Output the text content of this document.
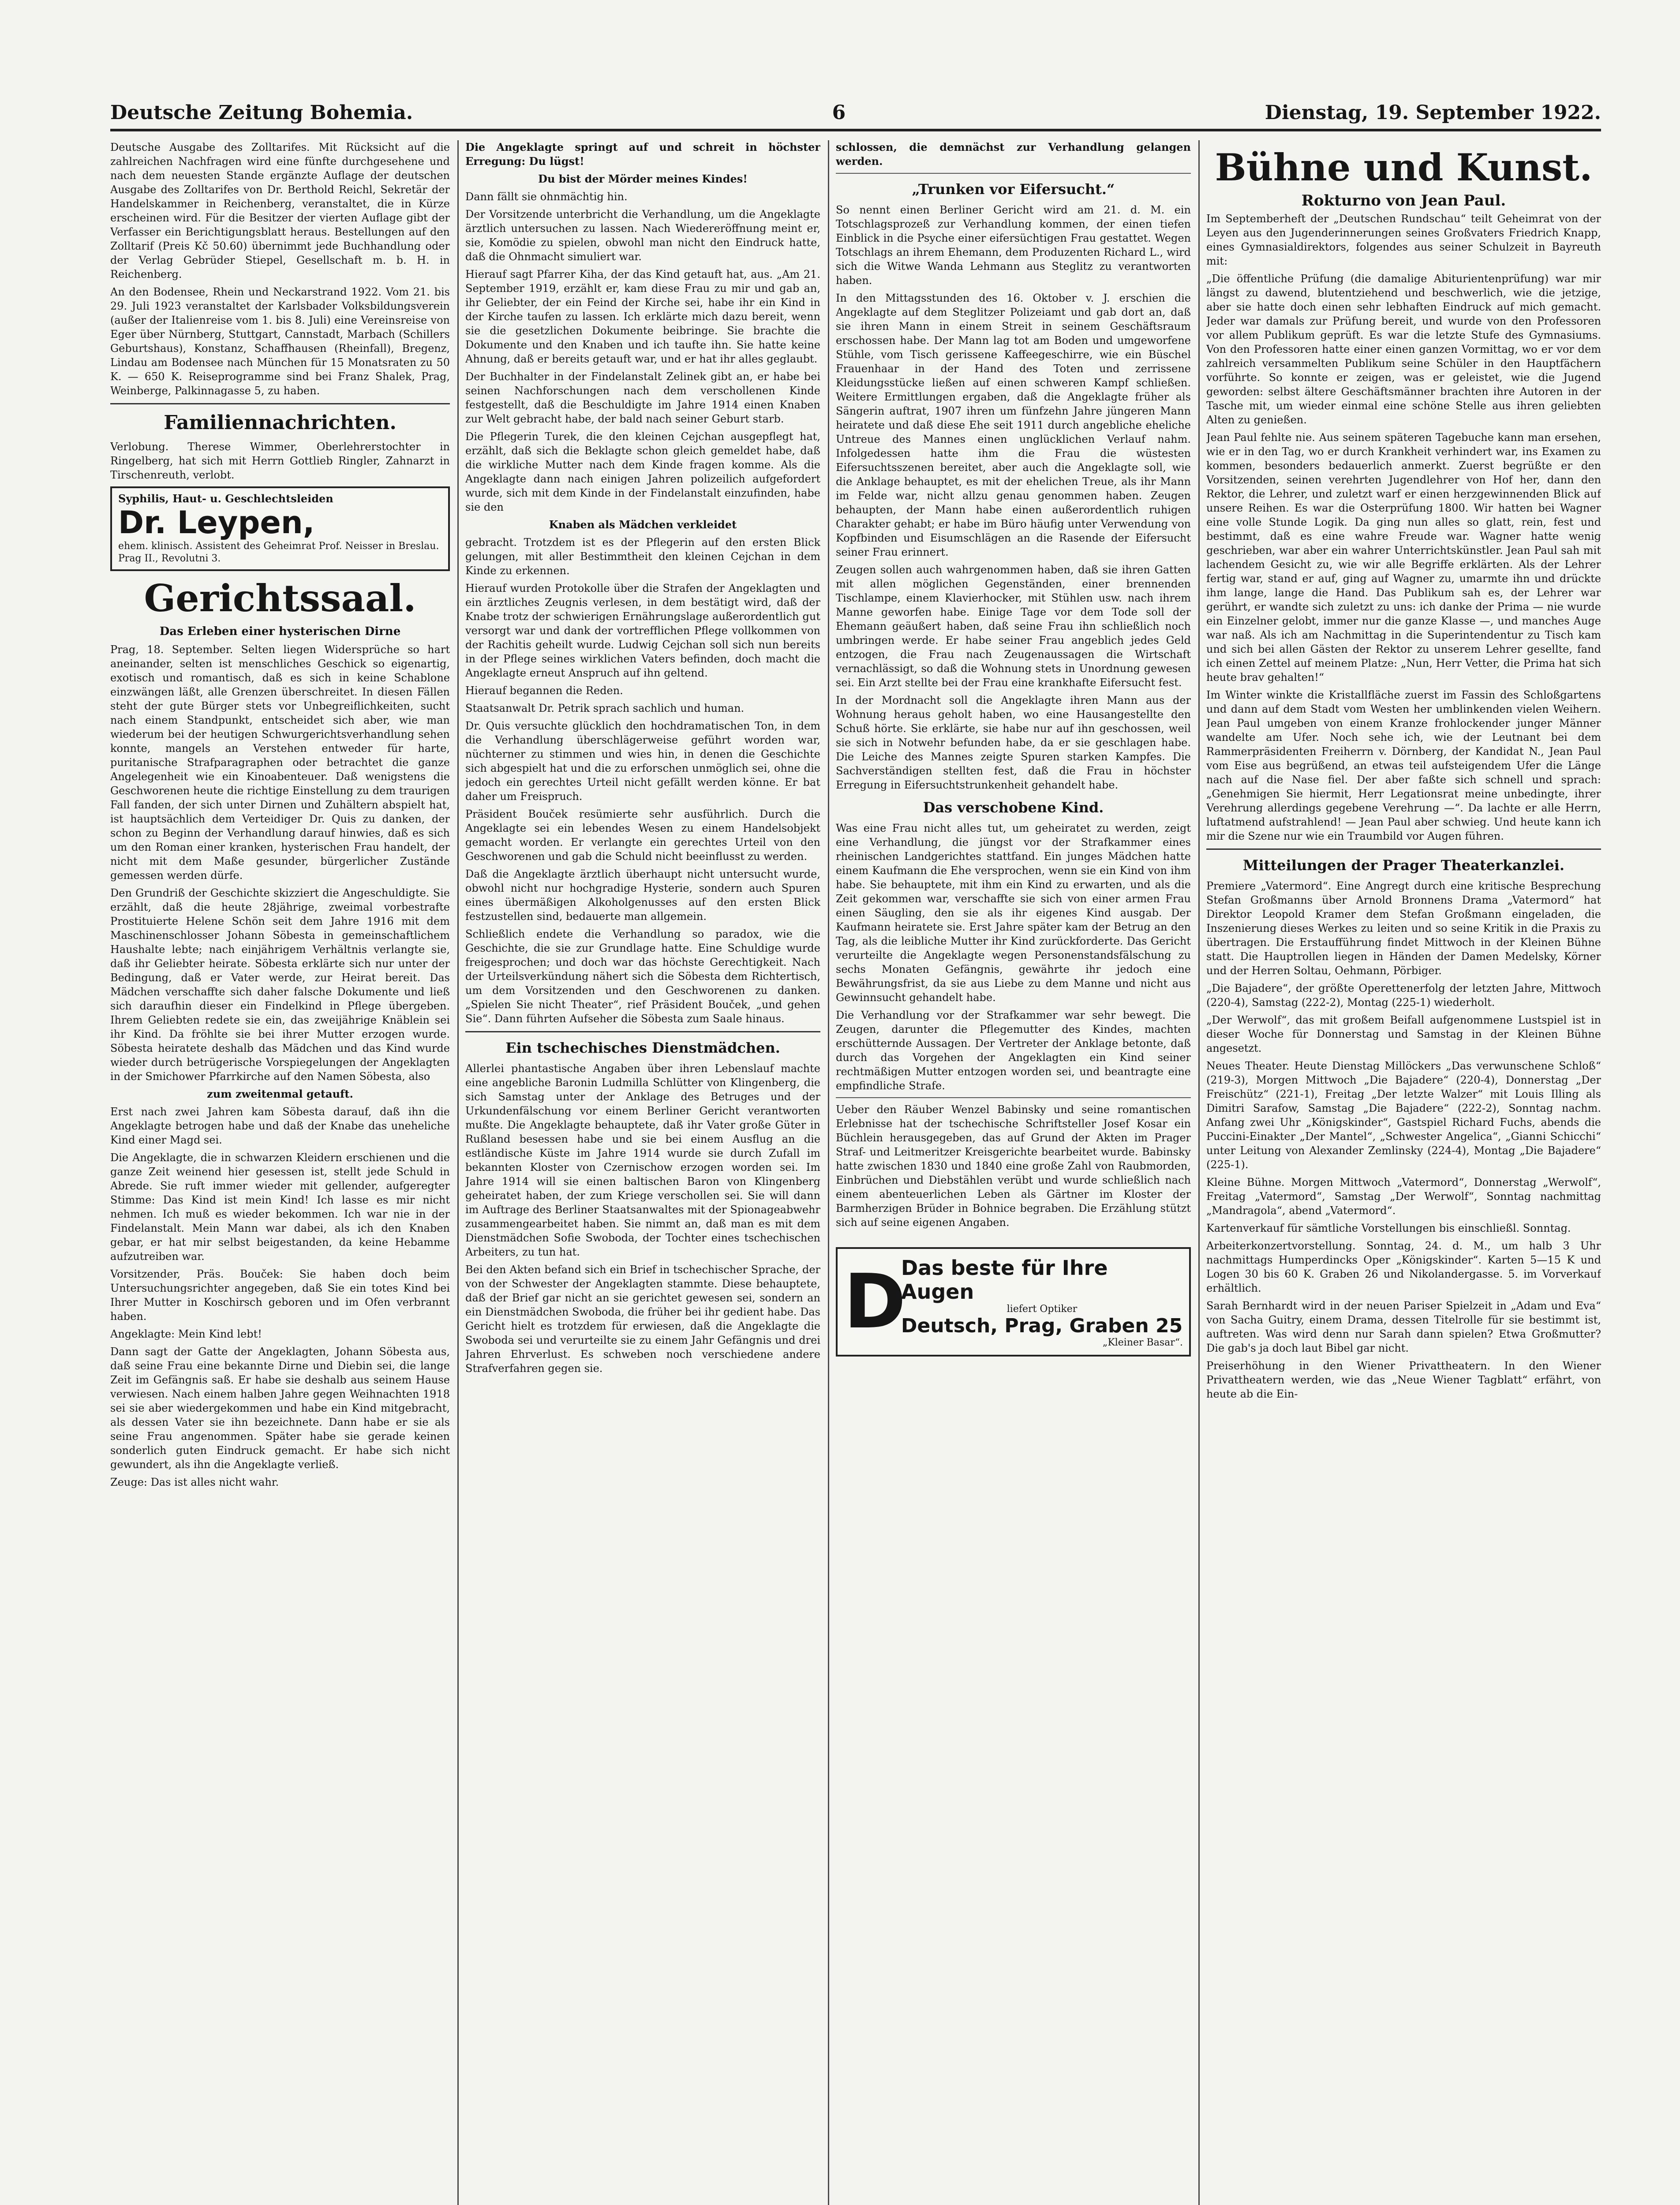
Deutsche Zeitung Bohemia.	6	Dienstag, 19. September 1922.

Deutsche Ausgabe des Zolltarifes. Mit Rücksicht auf die zahlreichen Nachfragen wird eine fünfte durchgesehene und nach dem neuesten Stande ergänzte Auflage der deutschen Ausgabe des Zolltarifes von Dr. Berthold Reichl, Sekretär der Handelskammer in Reichenberg, veranstaltet, die in Kürze erscheinen wird. Für die Besitzer der vierten Auflage gibt der Verfasser ein Berichtigungsblatt heraus. Bestellungen auf den Zolltarif (Preis Kč 50.60) übernimmt jede Buchhandlung oder der Verlag Gebrüder Stiepel, Gesellschaft m. b. H. in Reichenberg.

An den Bodensee, Rhein und Neckarstrand 1922. Vom 21. bis 29. Juli 1923 veranstaltet der Karlsbader Volksbildungsverein (außer der Italienreise vom 1. bis 8. Juli) eine Vereinsreise von Eger über Nürnberg, Stuttgart, Cannstadt, Marbach (Schillers Geburtshaus), Konstanz, Schaffhausen (Rheinfall), Bregenz, Lindau am Bodensee nach München für 15 Monatsraten zu 50 K. — 650 K. Reiseprogramme sind bei Franz Shalek, Prag, Weinberge, Palkinnagasse 5, zu haben.

Familiennachrichten.

Verlobung. Therese Wimmer, Oberlehrerstochter in Ringelberg, hat sich mit Herrn Gottlieb Ringler, Zahnarzt in Tirschenreuth, verlobt.

Syphilis, Haut- u. Geschlechtsleiden
Dr. Leypen,
ehem. klinisch. Assistent des Geheimrat Prof. Neisser in Breslau. Prag II., Revolutni 3.
Gerichtssaal.
Das Erleben einer hysterischen Dirne

Prag, 18. September. Selten liegen Widersprüche so hart aneinander, selten ist menschliches Geschick so eigenartig, exotisch und romantisch, daß es sich in keine Schablone einzwängen läßt, alle Grenzen überschreitet. In diesen Fällen steht der gute Bürger stets vor Unbegreiflichkeiten, sucht nach einem Standpunkt, entscheidet sich aber, wie man wiederum bei der heutigen Schwurgerichtsverhandlung sehen konnte, mangels an Verstehen entweder für harte, puritanische Strafparagraphen oder betrachtet die ganze Angelegenheit wie ein Kinoabenteuer. Daß wenigstens die Geschworenen heute die richtige Einstellung zu dem traurigen Fall fanden, der sich unter Dirnen und Zuhältern abspielt hat, ist hauptsächlich dem Verteidiger Dr. Quis zu danken, der schon zu Beginn der Verhandlung darauf hinwies, daß es sich um den Roman einer kranken, hysterischen Frau handelt, der nicht mit dem Maße gesunder, bürgerlicher Zustände gemessen werden dürfe.

Den Grundriß der Geschichte skizziert die Angeschuldigte. Sie erzählt, daß die heute 28jährige, zweimal vorbestrafte Prostituierte Helene Schön seit dem Jahre 1916 mit dem Maschinenschlosser Johann Söbesta in gemeinschaftlichem Haushalte lebte; nach einjährigem Verhältnis verlangte sie, daß ihr Geliebter heirate. Söbesta erklärte sich nur unter der Bedingung, daß er Vater werde, zur Heirat bereit. Das Mädchen verschaffte sich daher falsche Dokumente und ließ sich daraufhin dieser ein Findelkind in Pflege übergeben. Ihrem Geliebten redete sie ein, das zweijährige Knäblein sei ihr Kind. Da fröhlte sie bei ihrer Mutter erzogen wurde. Söbesta heiratete deshalb das Mädchen und das Kind wurde wieder durch betrügerische Vorspiegelungen der Angeklagten in der Smichower Pfarrkirche auf den Namen Söbesta, also

zum zweitenmal getauft.

Erst nach zwei Jahren kam Söbesta darauf, daß ihn die Angeklagte betrogen habe und daß der Knabe das uneheliche Kind einer Magd sei.

Die Angeklagte, die in schwarzen Kleidern erschienen und die ganze Zeit weinend hier gesessen ist, stellt jede Schuld in Abrede. Sie ruft immer wieder mit gellender, aufgeregter Stimme: Das Kind ist mein Kind! Ich lasse es mir nicht nehmen. Ich muß es wieder bekommen. Ich war nie in der Findelanstalt. Mein Mann war dabei, als ich den Knaben gebar, er hat mir selbst beigestanden, da keine Hebamme aufzutreiben war.

Vorsitzender, Präs. Bouček: Sie haben doch beim Untersuchungsrichter angegeben, daß Sie ein totes Kind bei Ihrer Mutter in Koschirsch geboren und im Ofen verbrannt haben.

Angeklagte: Mein Kind lebt!

Dann sagt der Gatte der Angeklagten, Johann Söbesta aus, daß seine Frau eine bekannte Dirne und Diebin sei, die lange Zeit im Gefängnis saß. Er habe sie deshalb aus seinem Hause verwiesen. Nach einem halben Jahre gegen Weihnachten 1918 sei sie aber wiedergekommen und habe ein Kind mitgebracht, als dessen Vater sie ihn bezeichnete. Dann habe er sie als seine Frau angenommen. Später habe sie gerade keinen sonderlich guten Eindruck gemacht. Er habe sich nicht gewundert, als ihn die Angeklagte verließ.

Zeuge: Das ist alles nicht wahr.

Die Angeklagte springt auf und schreit in höchster Erregung: Du lügst!

Du bist der Mörder meines Kindes!

Dann fällt sie ohnmächtig hin.

Der Vorsitzende unterbricht die Verhandlung, um die Angeklagte ärztlich untersuchen zu lassen. Nach Wiedereröffnung meint er, sie, Komödie zu spielen, obwohl man nicht den Eindruck hatte, daß die Ohnmacht simuliert war.

Hierauf sagt Pfarrer Kiha, der das Kind getauft hat, aus. „Am 21. September 1919, erzählt er, kam diese Frau zu mir und gab an, ihr Geliebter, der ein Feind der Kirche sei, habe ihr ein Kind in der Kirche taufen zu lassen. Ich erklärte mich dazu bereit, wenn sie die gesetzlichen Dokumente beibringe. Sie brachte die Dokumente und den Knaben und ich taufte ihn. Sie hatte keine Ahnung, daß er bereits getauft war, und er hat ihr alles geglaubt.

Der Buchhalter in der Findelanstalt Zelinek gibt an, er habe bei seinen Nachforschungen nach dem verschollenen Kinde festgestellt, daß die Beschuldigte im Jahre 1914 einen Knaben zur Welt gebracht habe, der bald nach seiner Geburt starb.

Die Pflegerin Turek, die den kleinen Cejchan ausgepflegt hat, erzählt, daß sich die Beklagte schon gleich gemeldet habe, daß die wirkliche Mutter nach dem Kinde fragen komme. Als die Angeklagte dann nach einigen Jahren polizeilich aufgefordert wurde, sich mit dem Kinde in der Findelanstalt einzufinden, habe sie den

Knaben als Mädchen verkleidet

gebracht. Trotzdem ist es der Pflegerin auf den ersten Blick gelungen, mit aller Bestimmtheit den kleinen Cejchan in dem Kinde zu erkennen.

Hierauf wurden Protokolle über die Strafen der Angeklagten und ein ärztliches Zeugnis verlesen, in dem bestätigt wird, daß der Knabe trotz der schwierigen Ernährungslage außerordentlich gut versorgt war und dank der vortrefflichen Pflege vollkommen von der Rachitis geheilt wurde. Ludwig Cejchan soll sich nun bereits in der Pflege seines wirklichen Vaters befinden, doch macht die Angeklagte erneut Anspruch auf ihn geltend.

Hierauf begannen die Reden.

Staatsanwalt Dr. Petrik sprach sachlich und human.

Dr. Quis versuchte glücklich den hochdramatischen Ton, in dem die Verhandlung überschlägerweise geführt worden war, nüchterner zu stimmen und wies hin, in denen die Geschichte sich abgespielt hat und die zu erforschen unmöglich sei, ohne die jedoch ein gerechtes Urteil nicht gefällt werden könne. Er bat daher um Freispruch.

Präsident Bouček resümierte sehr ausführlich. Durch die Angeklagte sei ein lebendes Wesen zu einem Handelsobjekt gemacht worden. Er verlangte ein gerechtes Urteil von den Geschworenen und gab die Schuld nicht beeinflusst zu werden.

Daß die Angeklagte ärztlich überhaupt nicht untersucht wurde, obwohl nicht nur hochgradige Hysterie, sondern auch Spuren eines übermäßigen Alkoholgenusses auf den ersten Blick festzustellen sind, bedauerte man allgemein.

Schließlich endete die Verhandlung so paradox, wie die Geschichte, die sie zur Grundlage hatte. Eine Schuldige wurde freigesprochen; und doch war das höchste Gerechtigkeit. Nach der Urteilsverkündung nähert sich die Söbesta dem Richtertisch, um dem Vorsitzenden und den Geschworenen zu danken. „Spielen Sie nicht Theater“, rief Präsident Bouček, „und gehen Sie“. Dann führten Aufseher die Söbesta zum Saale hinaus.

Ein tschechisches Dienstmädchen.

Allerlei phantastische Angaben über ihren Lebenslauf machte eine angebliche Baronin Ludmilla Schlütter von Klingenberg, die sich Samstag unter der Anklage des Betruges und der Urkundenfälschung vor einem Berliner Gericht verantworten mußte. Die Angeklagte behauptete, daß ihr Vater große Güter in Rußland besessen habe und sie bei einem Ausflug an die estländische Küste im Jahre 1914 wurde sie durch Zufall im bekannten Kloster von Czernischow erzogen worden sei. Im Jahre 1914 will sie einen baltischen Baron von Klingenberg geheiratet haben, der zum Kriege verschollen sei. Sie will dann im Auftrage des Berliner Staatsanwaltes mit der Spionageabwehr zusammengearbeitet haben. Sie nimmt an, daß man es mit dem Dienstmädchen Sofie Swoboda, der Tochter eines tschechischen Arbeiters, zu tun hat.

Bei den Akten befand sich ein Brief in tschechischer Sprache, der von der Schwester der Angeklagten stammte. Diese behauptete, daß der Brief gar nicht an sie gerichtet gewesen sei, sondern an ein Dienstmädchen Swoboda, die früher bei ihr gedient habe. Das Gericht hielt es trotzdem für erwiesen, daß die Angeklagte die Swoboda sei und verurteilte sie zu einem Jahr Gefängnis und drei Jahren Ehrverlust. Es schweben noch verschiedene andere Strafverfahren gegen sie.

schlossen, die demnächst zur Verhandlung gelangen werden.

„Trunken vor Eifersucht.“

So nennt einen Berliner Gericht wird am 21. d. M. ein Totschlagsprozeß zur Verhandlung kommen, der einen tiefen Einblick in die Psyche einer eifersüchtigen Frau gestattet. Wegen Totschlags an ihrem Ehemann, dem Produzenten Richard L., wird sich die Witwe Wanda Lehmann aus Steglitz zu verantworten haben.

In den Mittagsstunden des 16. Oktober v. J. erschien die Angeklagte auf dem Steglitzer Polizeiamt und gab dort an, daß sie ihren Mann in einem Streit in seinem Geschäftsraum erschossen habe. Der Mann lag tot am Boden und umgeworfene Stühle, vom Tisch gerissene Kaffeegeschirre, wie ein Büschel Frauenhaar in der Hand des Toten und zerrissene Kleidungsstücke ließen auf einen schweren Kampf schließen. Weitere Ermittlungen ergaben, daß die Angeklagte früher als Sängerin auftrat, 1907 ihren um fünfzehn Jahre jüngeren Mann heiratete und daß diese Ehe seit 1911 durch angebliche eheliche Untreue des Mannes einen unglücklichen Verlauf nahm. Infolgedessen hatte ihm die Frau die wüstesten Eifersuchtsszenen bereitet, aber auch die Angeklagte soll, wie die Anklage behauptet, es mit der ehelichen Treue, als ihr Mann im Felde war, nicht allzu genau genommen haben. Zeugen behaupten, der Mann habe einen außerordentlich ruhigen Charakter gehabt; er habe im Büro häufig unter Verwendung von Kopfbinden und Eisumschlägen an die Rasende der Eifersucht seiner Frau erinnert.

Zeugen sollen auch wahrgenommen haben, daß sie ihren Gatten mit allen möglichen Gegenständen, einer brennenden Tischlampe, einem Klavierhocker, mit Stühlen usw. nach ihrem Manne geworfen habe. Einige Tage vor dem Tode soll der Ehemann geäußert haben, daß seine Frau ihn schließlich noch umbringen werde. Er habe seiner Frau angeblich jedes Geld entzogen, die Frau nach Zeugenaussagen die Wirtschaft vernachlässigt, so daß die Wohnung stets in Unordnung gewesen sei. Ein Arzt stellte bei der Frau eine krankhafte Eifersucht fest.

In der Mordnacht soll die Angeklagte ihren Mann aus der Wohnung heraus geholt haben, wo eine Hausangestellte den Schuß hörte. Sie erklärte, sie habe nur auf ihn geschossen, weil sie sich in Notwehr befunden habe, da er sie geschlagen habe. Die Leiche des Mannes zeigte Spuren starken Kampfes. Die Sachverständigen stellten fest, daß die Frau in höchster Erregung in Eifersuchtstrunkenheit gehandelt habe.

Das verschobene Kind.

Was eine Frau nicht alles tut, um geheiratet zu werden, zeigt eine Verhandlung, die jüngst vor der Strafkammer eines rheinischen Landgerichtes stattfand. Ein junges Mädchen hatte einem Kaufmann die Ehe versprochen, wenn sie ein Kind von ihm habe. Sie behauptete, mit ihm ein Kind zu erwarten, und als die Zeit gekommen war, verschaffte sie sich von einer armen Frau einen Säugling, den sie als ihr eigenes Kind ausgab. Der Kaufmann heiratete sie. Erst Jahre später kam der Betrug an den Tag, als die leibliche Mutter ihr Kind zurückforderte. Das Gericht verurteilte die Angeklagte wegen Personenstandsfälschung zu sechs Monaten Gefängnis, gewährte ihr jedoch eine Bewährungsfrist, da sie aus Liebe zu dem Manne und nicht aus Gewinnsucht gehandelt habe.

Die Verhandlung vor der Strafkammer war sehr bewegt. Die Zeugen, darunter die Pflegemutter des Kindes, machten erschütternde Aussagen. Der Vertreter der Anklage betonte, daß durch das Vorgehen der Angeklagten ein Kind seiner rechtmäßigen Mutter entzogen worden sei, und beantragte eine empfindliche Strafe.

Ueber den Räuber Wenzel Babinsky und seine romantischen Erlebnisse hat der tschechische Schriftsteller Josef Kosar ein Büchlein herausgegeben, das auf Grund der Akten im Prager Straf- und Leitmeritzer Kreisgerichte bearbeitet wurde. Babinsky hatte zwischen 1830 und 1840 eine große Zahl von Raubmorden, Einbrüchen und Diebstählen verübt und wurde schließlich nach einem abenteuerlichen Leben als Gärtner im Kloster der Barmherzigen Brüder in Bohnice begraben. Die Erzählung stützt sich auf seine eigenen Angaben.

D
Das beste für Ihre Augen
liefert Optiker
Deutsch, Prag, Graben 25
„Kleiner Basar“.
Bühne und Kunst.
Rokturno von Jean Paul.

Im Septemberheft der „Deutschen Rundschau“ teilt Geheimrat von der Leyen aus den Jugenderinnerungen seines Großvaters Friedrich Knapp, eines Gymnasialdirektors, folgendes aus seiner Schulzeit in Bayreuth mit:

„Die öffentliche Prüfung (die damalige Abiturientenprüfung) war mir längst zu dawend, blutentziehend und beschwerlich, wie die jetzige, aber sie hatte doch einen sehr lebhaften Eindruck auf mich gemacht. Jeder war damals zur Prüfung bereit, und wurde von den Professoren vor allem Publikum geprüft. Es war die letzte Stufe des Gymnasiums. Von den Professoren hatte einer einen ganzen Vormittag, wo er vor dem zahlreich versammelten Publikum seine Schüler in den Hauptfächern vorführte. So konnte er zeigen, was er geleistet, wie die Jugend geworden: selbst ältere Geschäftsmänner brachten ihre Autoren in der Tasche mit, um wieder einmal eine schöne Stelle aus ihren geliebten Alten zu genießen.

Jean Paul fehlte nie. Aus seinem späteren Tagebuche kann man ersehen, wie er in den Tag, wo er durch Krankheit verhindert war, ins Examen zu kommen, besonders bedauerlich anmerkt. Zuerst begrüßte er den Vorsitzenden, seinen verehrten Jugendlehrer von Hof her, dann den Rektor, die Lehrer, und zuletzt warf er einen herzgewinnenden Blick auf unsere Reihen. Es war die Osterprüfung 1800. Wir hatten bei Wagner eine volle Stunde Logik. Da ging nun alles so glatt, rein, fest und bestimmt, daß es eine wahre Freude war. Wagner hatte wenig geschrieben, war aber ein wahrer Unterrichtskünstler. Jean Paul sah mit lachendem Gesicht zu, wie wir alle Begriffe erklärten. Als der Lehrer fertig war, stand er auf, ging auf Wagner zu, umarmte ihn und drückte ihm lange, lange die Hand. Das Publikum sah es, der Lehrer war gerührt, er wandte sich zuletzt zu uns: ich danke der Prima — nie wurde ein Einzelner gelobt, immer nur die ganze Klasse —, und manches Auge war naß. Als ich am Nachmittag in die Superintendentur zu Tisch kam und sich bei allen Gästen der Rektor zu unserem Lehrer gesellte, fand ich einen Zettel auf meinem Platze: „Nun, Herr Vetter, die Prima hat sich heute brav gehalten!“

Im Winter winkte die Kristallfläche zuerst im Fassin des Schloßgartens und dann auf dem Stadt vom Westen her umblinkenden vielen Weihern. Jean Paul umgeben von einem Kranze frohlockender junger Männer wandelte am Ufer. Noch sehe ich, wie der Leutnant bei dem Rammerpräsidenten Freiherrn v. Dörnberg, der Kandidat N., Jean Paul vom Eise aus begrüßend, an etwas teil aufsteigendem Ufer die Länge nach auf die Nase fiel. Der aber faßte sich schnell und sprach: „Genehmigen Sie hiermit, Herr Legationsrat meine unbedingte, ihrer Verehrung allerdings gegebene Verehrung —“. Da lachte er alle Herrn, luftatmend aufstrahlend! — Jean Paul aber schwieg. Und heute kann ich mir die Szene nur wie ein Traumbild vor Augen führen.

Mitteilungen der Prager Theaterkanzlei.

Premiere „Vatermord“. Eine Angregt durch eine kritische Besprechung Stefan Großmanns über Arnold Bronnens Drama „Vatermord“ hat Direktor Leopold Kramer dem Stefan Großmann eingeladen, die Inszenierung dieses Werkes zu leiten und so seine Kritik in die Praxis zu übertragen. Die Erstaufführung findet Mittwoch in der Kleinen Bühne statt. Die Hauptrollen liegen in Händen der Damen Medelsky, Körner und der Herren Soltau, Oehmann, Pörbiger.

„Die Bajadere“, der größte Operettenerfolg der letzten Jahre, Mittwoch (220-4), Samstag (222-2), Montag (225-1) wiederholt.

„Der Werwolf“, das mit großem Beifall aufgenommene Lustspiel ist in dieser Woche für Donnerstag und Samstag in der Kleinen Bühne angesetzt.

Neues Theater. Heute Dienstag Millöckers „Das verwunschene Schloß“ (219-3), Morgen Mittwoch „Die Bajadere“ (220-4), Donnerstag „Der Freischütz“ (221-1), Freitag „Der letzte Walzer“ mit Louis Illing als Dimitri Sarafow, Samstag „Die Bajadere“ (222-2), Sonntag nachm. Anfang zwei Uhr „Königskinder“, Gastspiel Richard Fuchs, abends die Puccini-Einakter „Der Mantel“, „Schwester Angelica“, „Gianni Schicchi“ unter Leitung von Alexander Zemlinsky (224-4), Montag „Die Bajadere“ (225-1).

Kleine Bühne. Morgen Mittwoch „Vatermord“, Donnerstag „Werwolf“, Freitag „Vatermord“, Samstag „Der Werwolf“, Sonntag nachmittag „Mandragola“, abend „Vatermord“.

Kartenverkauf für sämtliche Vorstellungen bis einschließl. Sonntag.

Arbeiterkonzertvorstellung. Sonntag, 24. d. M., um halb 3 Uhr nachmittags Humperdincks Oper „Königskinder“. Karten 5—15 K und Logen 30 bis 60 K. Graben 26 und Nikolandergasse. 5. im Vorverkauf erhältlich.

Sarah Bernhardt wird in der neuen Pariser Spielzeit in „Adam und Eva“ von Sacha Guitry, einem Drama, dessen Titelrolle für sie bestimmt ist, auftreten. Was wird denn nur Sarah dann spielen? Etwa Großmutter? Die gab's ja doch laut Bibel gar nicht.

Preiserhöhung in den Wiener Privattheatern. In den Wiener Privattheatern werden, wie das „Neue Wiener Tagblatt“ erfährt, von heute ab die Ein-
